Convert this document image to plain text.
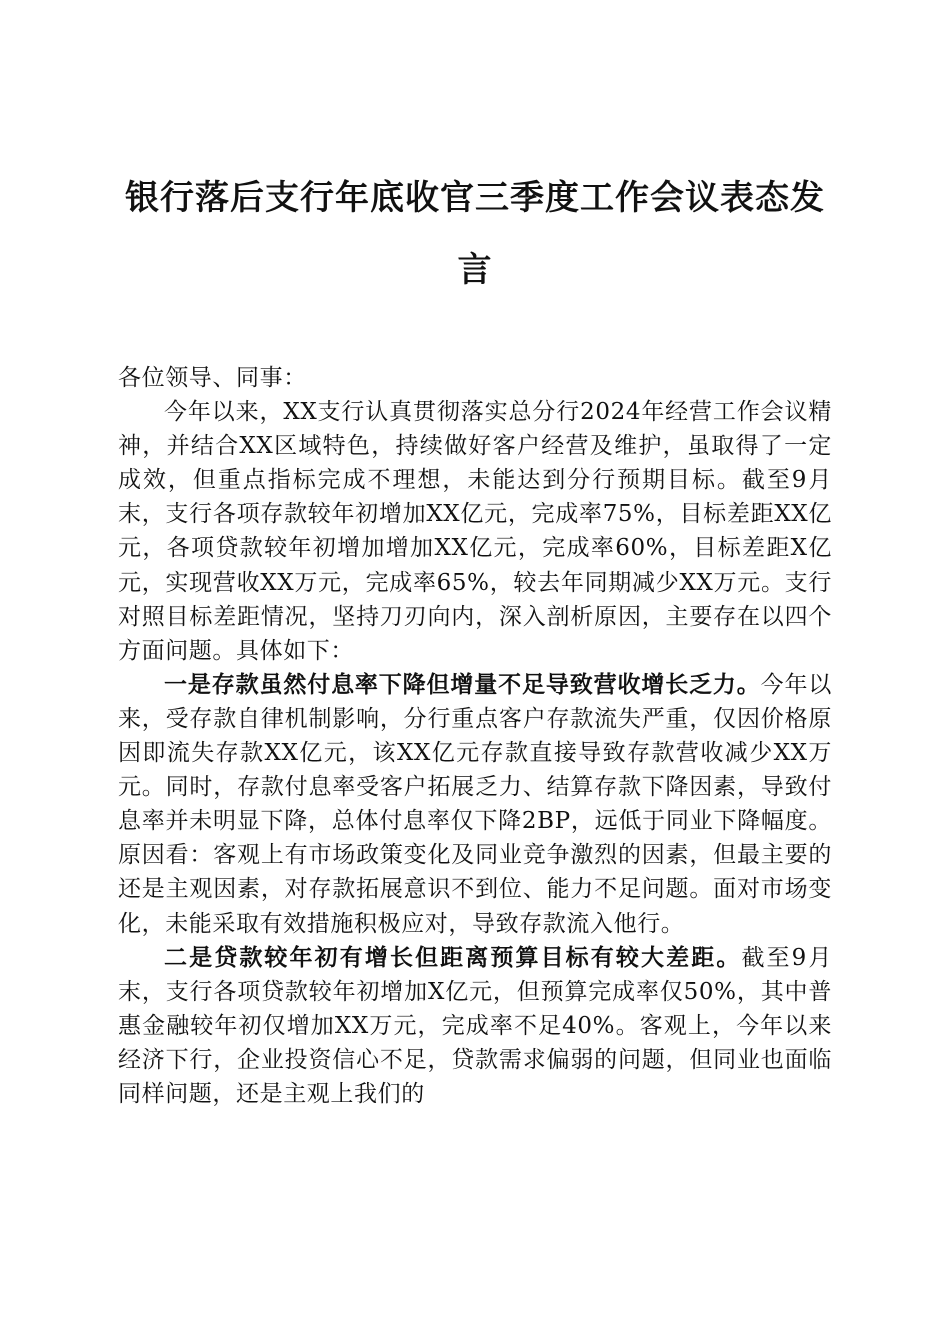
银行落后支行年底收官三季度工作会议表态发言

各位领导、同事：

今年以来，XX支行认真贯彻落实总分行2024年经营工作会议精神，并结合XX区域特色，持续做好客户经营及维护，虽取得了一定成效，但重点指标完成不理想，未能达到分行预期目标。截至9月末，支行各项存款较年初增加XX亿元，完成率75%，目标差距XX亿元，各项贷款较年初增加增加XX亿元，完成率60%，目标差距X亿元，实现营收XX万元，完成率65%，较去年同期减少XX万元。支行对照目标差距情况，坚持刀刃向内，深入剖析原因，主要存在以四个方面问题。具体如下：

一是存款虽然付息率下降但增量不足导致营收增长乏力。今年以来，受存款自律机制影响，分行重点客户存款流失严重，仅因价格原因即流失存款XX亿元，该XX亿元存款直接导致存款营收减少XX万元。同时，存款付息率受客户拓展乏力、结算存款下降因素，导致付息率并未明显下降，总体付息率仅下降2BP，远低于同业下降幅度。原因看：客观上有市场政策变化及同业竞争激烈的因素，但最主要的还是主观因素，对存款拓展意识不到位、能力不足问题。面对市场变化，未能采取有效措施积极应对，导致存款流入他行。

二是贷款较年初有增长但距离预算目标有较大差距。截至9月末，支行各项贷款较年初增加X亿元，但预算完成率仅50%，其中普惠金融较年初仅增加XX万元，完成率不足40%。客观上，今年以来经济下行，企业投资信心不足，贷款需求偏弱的问题，但同业也面临同样问题，还是主观上我们的
